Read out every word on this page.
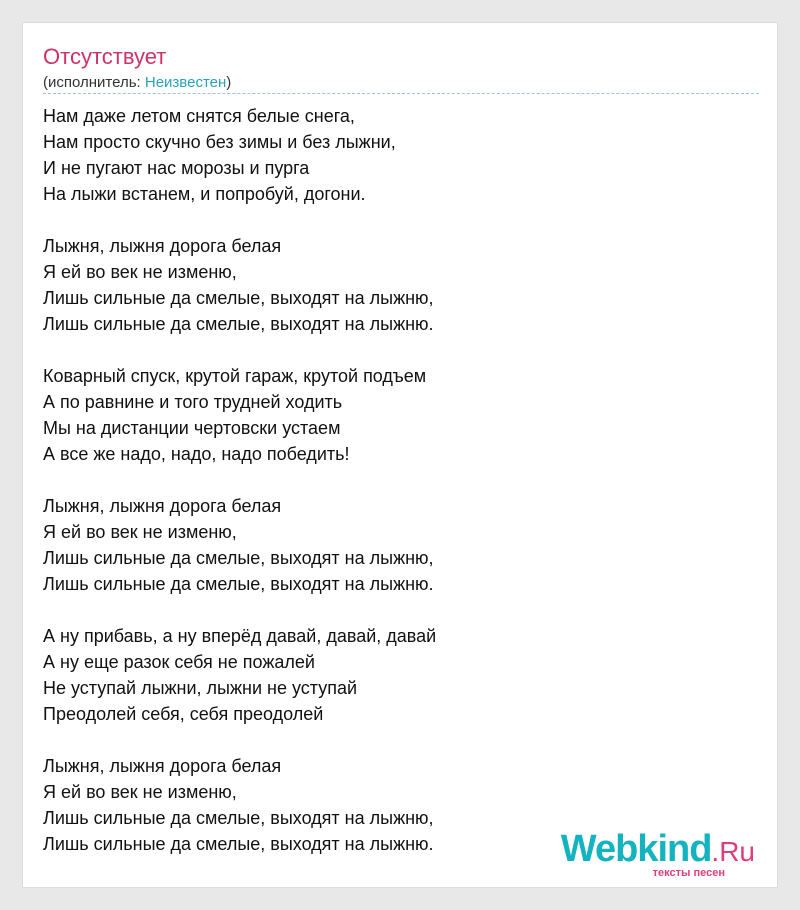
Отсутствует
(исполнитель: Неизвестен)
Нам даже летом снятся белые снега,
Нам просто скучно без зимы и без лыжни,
И не пугают нас морозы и пурга
На лыжи встанем, и попробуй, догони.
Лыжня, лыжня дорога белая
Я ей во век не изменю,
Лишь сильные да смелые, выходят на лыжню,
Лишь сильные да смелые, выходят на лыжню.
Коварный спуск, крутой гараж, крутой подъем
А по равнине и того трудней ходить
Мы на дистанции чертовски устаем
А все же надо, надо, надо победить!
Лыжня, лыжня дорога белая
Я ей во век не изменю,
Лишь сильные да смелые, выходят на лыжню,
Лишь сильные да смелые, выходят на лыжню.
А ну прибавь, а ну вперёд давай, давай, давай
А ну еще разок себя не пожалей
Не уступай лыжни, лыжни не уступай
Преодолей себя, себя преодолей
Лыжня, лыжня дорога белая
Я ей во век не изменю,
Лишь сильные да смелые, выходят на лыжню,
Лишь сильные да смелые, выходят на лыжню.	Webkind.Ru
тексты песен
